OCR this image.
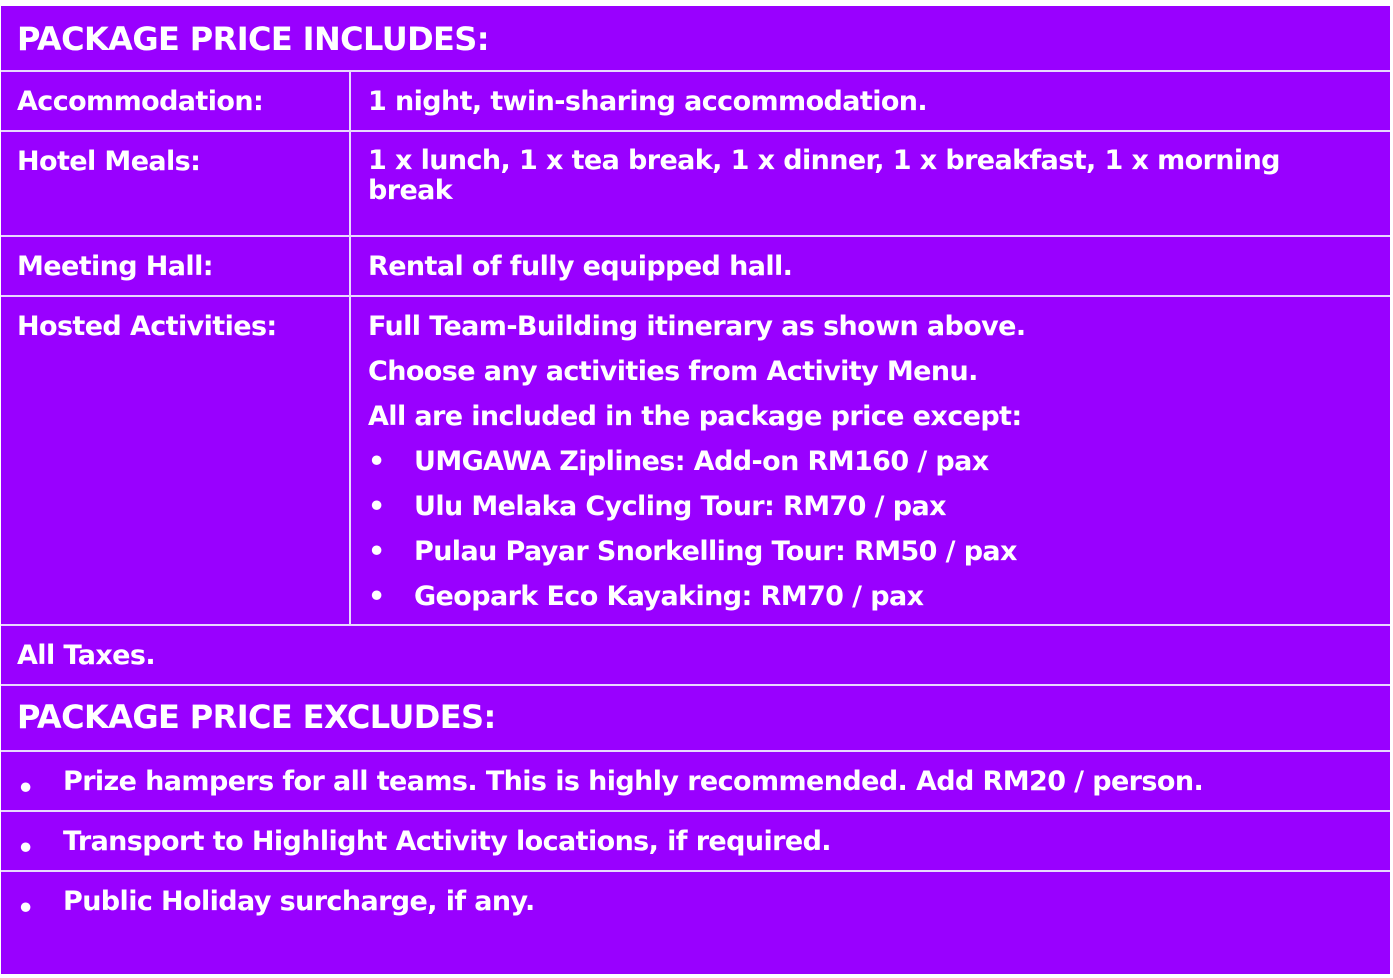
PACKAGE PRICE INCLUDES:
Accommodation:	1 night, twin-sharing accommodation.
Hotel Meals:	1 x lunch, 1 x tea break, 1 x dinner, 1 x breakfast, 1 x morning break
Meeting Hall:	Rental of fully equipped hall.
Hosted Activities:	Full Team-Building itinerary as shown above.
Choose any activities from Activity Menu.
All are included in the package price except:
• UMGAWA Ziplines: Add-on RM160 / pax
• Ulu Melaka Cycling Tour: RM70 / pax
• Pulau Payar Snorkelling Tour: RM50 / pax
• Geopark Eco Kayaking: RM70 / pax
All Taxes.
PACKAGE PRICE EXCLUDES:
• Prize hampers for all teams. This is highly recommended. Add RM20 / person.
• Transport to Highlight Activity locations, if required.
• Public Holiday surcharge, if any.
